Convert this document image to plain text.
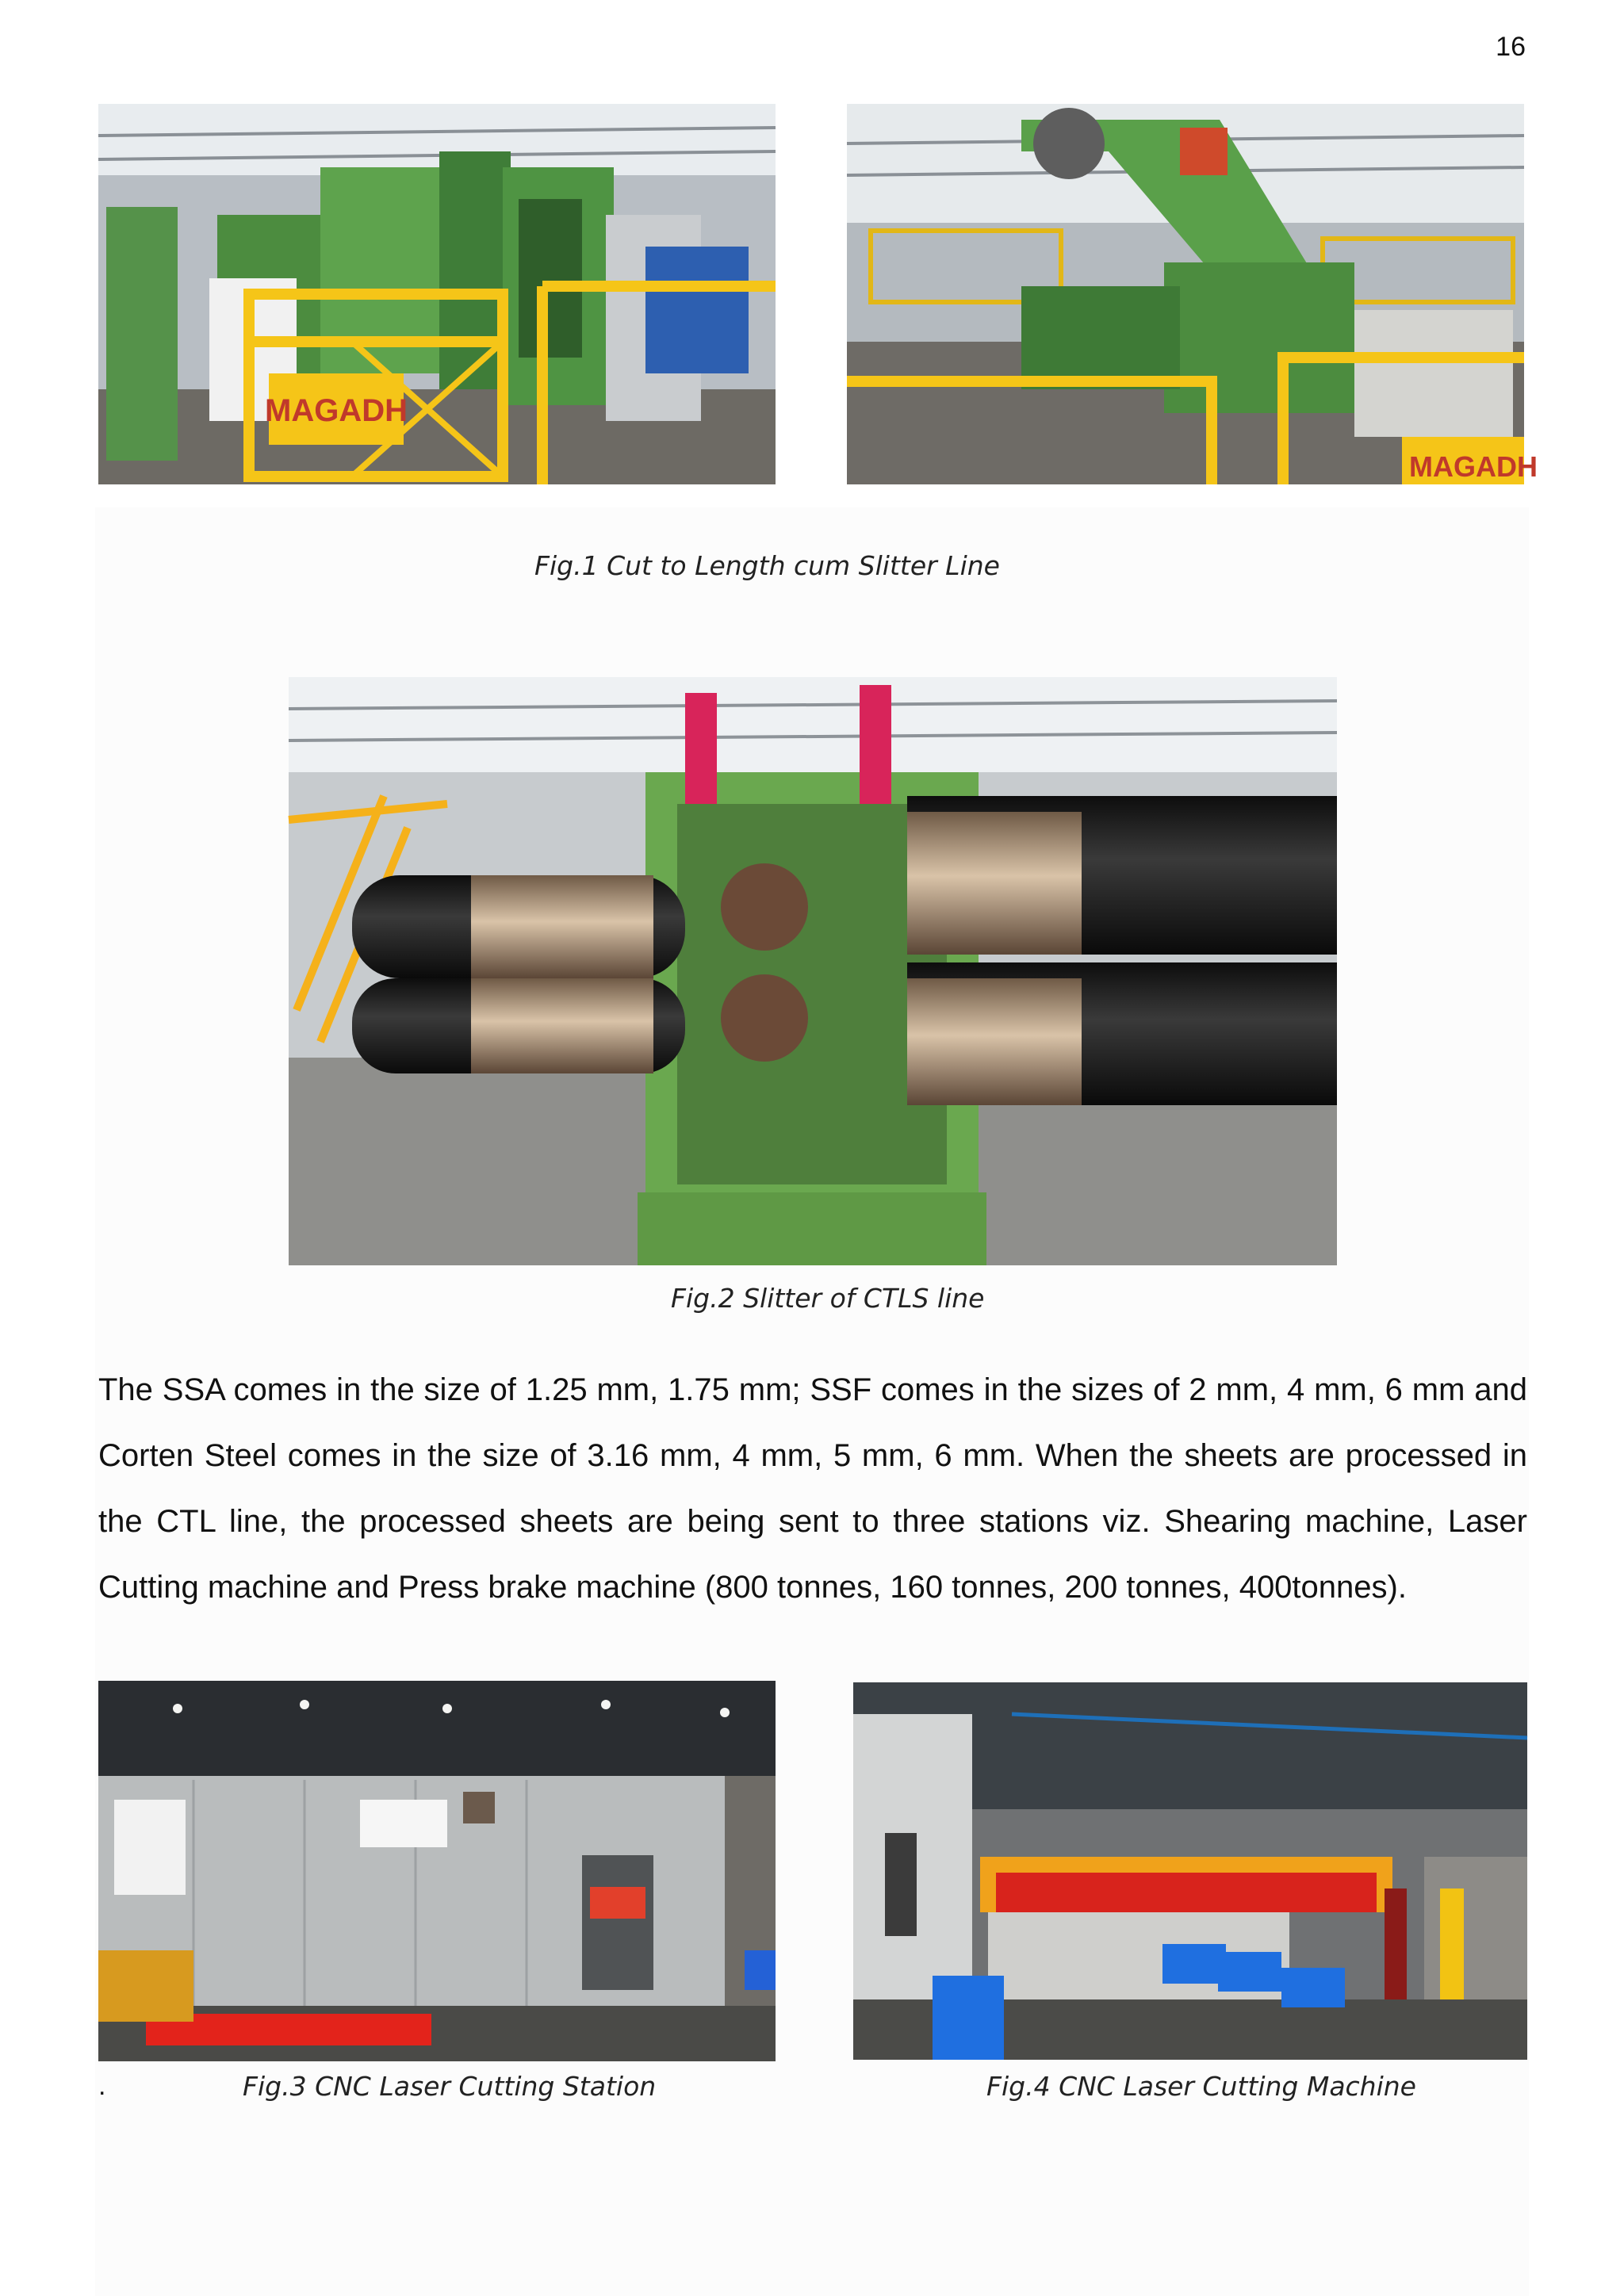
16
MAGADH
MAGADH
Fig.1 Cut to Length cum Slitter Line
Fig.2 Slitter of CTLS line

The SSA comes in the size of 1.25 mm, 1.75 mm; SSF comes in the sizes of 2 mm, 4 mm, 6 mm and Corten Steel comes in the size of 3.16 mm, 4 mm, 5 mm, 6 mm. When the sheets are processed in the CTL line, the processed sheets are being sent to three stations viz. Shearing machine, Laser Cutting machine and Press brake machine (800 tonnes, 160 tonnes, 200 tonnes, 400tonnes).

.	Fig.3 CNC Laser Cutting Station	Fig.4 CNC Laser Cutting Machine
